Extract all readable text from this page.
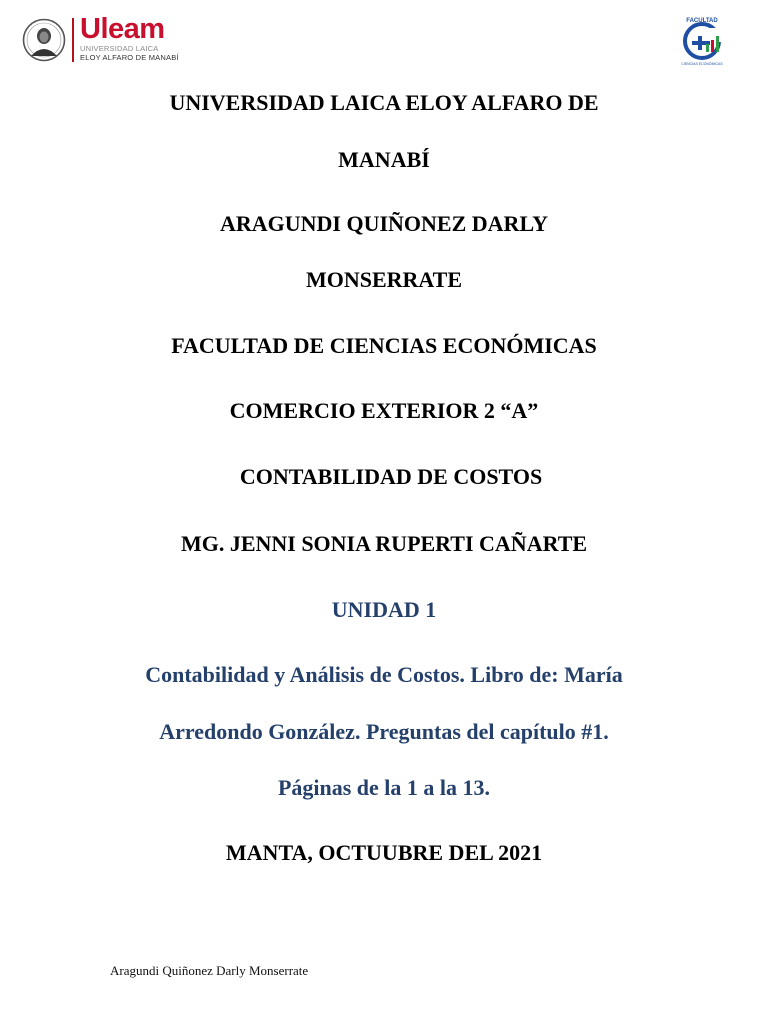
Uleam
UNIVERSIDAD LAICA
ELOY ALFARO DE MANABÍ
FACULTAD
CIENCIAS ECONÓMICAS
UNIVERSIDAD LAICA ELOY ALFARO DE
MANABÍ
ARAGUNDI QUIÑONEZ DARLY
MONSERRATE
FACULTAD DE CIENCIAS ECONÓMICAS
COMERCIO EXTERIOR 2 “A”
CONTABILIDAD DE COSTOS
MG. JENNI SONIA RUPERTI CAÑARTE
UNIDAD 1
Contabilidad y Análisis de Costos. Libro de: María
Arredondo González. Preguntas del capítulo #1.
Páginas de la 1 a la 13.
MANTA, OCTUUBRE DEL 2021
Aragundi Quiñonez Darly Monserrate
